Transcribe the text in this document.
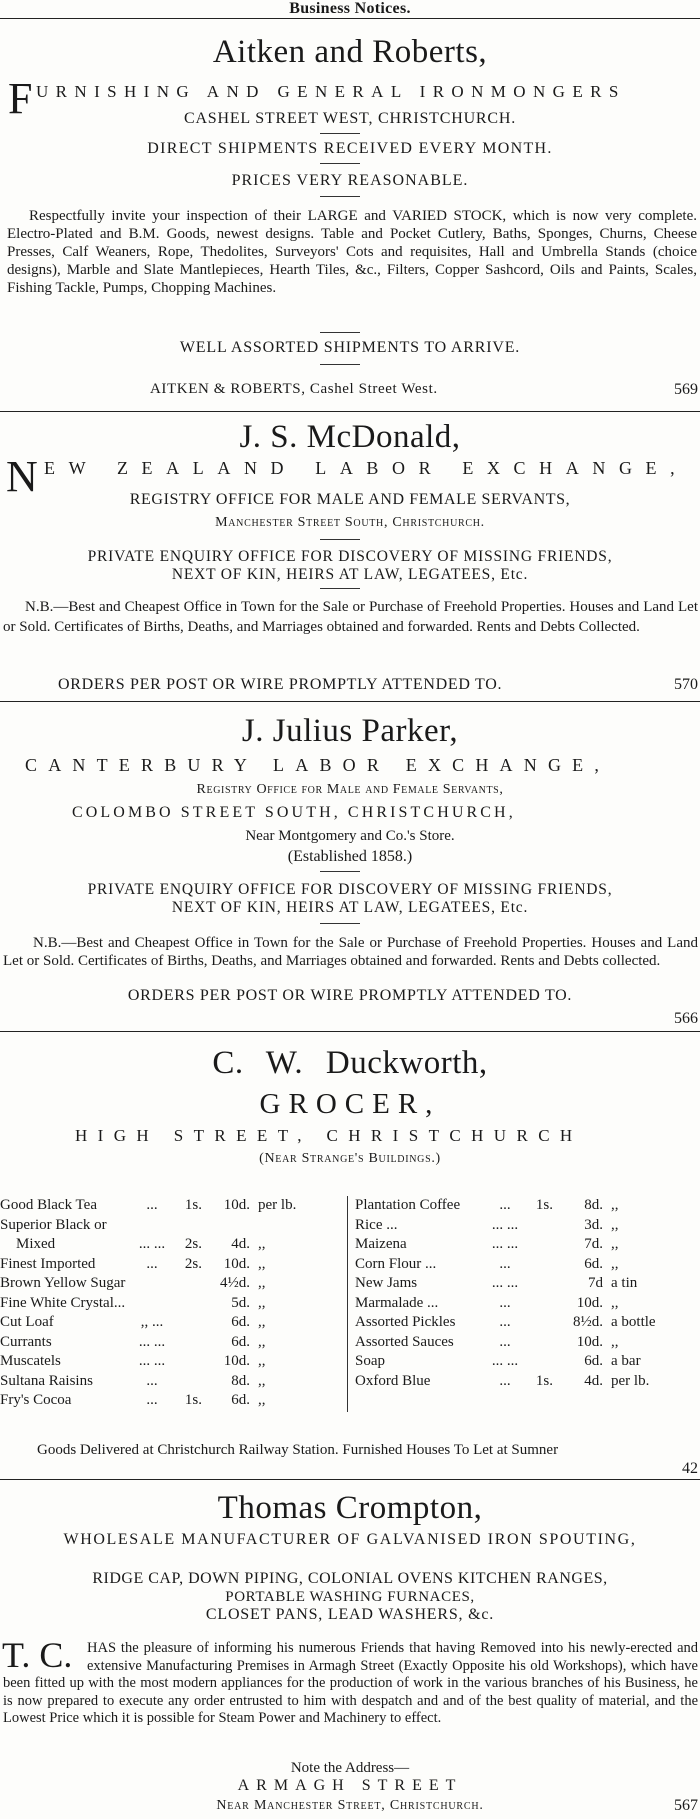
Business Notices.
Aitken and Roberts,
F URNISHING AND GENERAL IRONMONGERS
CASHEL STREET WEST, CHRISTCHURCH.
DIRECT SHIPMENTS RECEIVED EVERY MONTH.
PRICES VERY REASONABLE.
Respectfully invite your inspection of their LARGE and VARIED STOCK, which is now very complete. Electro-Plated and B.M. Goods, newest designs. Table and Pocket Cutlery, Baths, Sponges, Churns, Cheese Presses, Calf Weaners, Rope, Thedolites, Surveyors' Cots and requisites, Hall and Umbrella Stands (choice designs), Marble and Slate Mantlepieces, Hearth Tiles, &c., Filters, Copper Sashcord, Oils and Paints, Scales, Fishing Tackle, Pumps, Chopping Machines.
WELL ASSORTED SHIPMENTS TO ARRIVE.
AITKEN & ROBERTS, Cashel Street West.	569
J. S. McDonald,
N EW ZEALAND LABOR EXCHANGE,
REGISTRY OFFICE FOR MALE AND FEMALE SERVANTS,
Manchester Street South, Christchurch.
PRIVATE ENQUIRY OFFICE FOR DISCOVERY OF MISSING FRIENDS,
NEXT OF KIN, HEIRS AT LAW, LEGATEES, Etc.
N.B.—Best and Cheapest Office in Town for the Sale or Purchase of Freehold Properties. Houses and Land Let or Sold. Certificates of Births, Deaths, and Marriages obtained and forwarded. Rents and Debts Collected.
ORDERS PER POST OR WIRE PROMPTLY ATTENDED TO.	570
J. Julius Parker,
CANTERBURY LABOR EXCHANGE,
Registry Office for Male and Female Servants,
COLOMBO STREET SOUTH, CHRISTCHURCH,
Near Montgomery and Co.'s Store.
(Established 1858.)
PRIVATE ENQUIRY OFFICE FOR DISCOVERY OF MISSING FRIENDS,
NEXT OF KIN, HEIRS AT LAW, LEGATEES, Etc.
N.B.—Best and Cheapest Office in Town for the Sale or Purchase of Freehold Properties. Houses and Land Let or Sold. Certificates of Births, Deaths, and Marriages obtained and forwarded. Rents and Debts collected.
ORDERS PER POST OR WIRE PROMPTLY ATTENDED TO.
566
C. W. Duckworth,
GROCER,
HIGH STREET, CHRISTCHURCH
(Near Strange's Buildings.)
Good Black Tea	...	1s.	10d.	per lb.
Superior Black or				
Mixed	... ...	2s.	4d.	,,
Finest Imported	...	2s.	10d.	,,
Brown Yellow Sugar			4½d.	,,
Fine White Crystal...			5d.	,,
Cut Loaf	,, ...		6d.	,,
Currants	... ...		6d.	,,
Muscatels	... ...		10d.	,,
Sultana Raisins	...		8d.	,,
Fry's Cocoa	...	1s.	6d.	,,
Plantation Coffee	...	1s.	8d.	,,
Rice ...	... ...		3d.	,,
Maizena	... ...		7d.	,,
Corn Flour ...	...		6d.	,,
New Jams	... ...		7d	a tin
Marmalade ...	...		10d.	,,
Assorted Pickles	...		8½d.	a bottle
Assorted Sauces	...		10d.	,,
Soap	... ...		6d.	a bar
Oxford Blue	...	1s.	4d.	per lb.
Goods Delivered at Christchurch Railway Station. Furnished Houses To Let at Sumner
42
Thomas Crompton,
WHOLESALE MANUFACTURER OF GALVANISED IRON SPOUTING,
RIDGE CAP, DOWN PIPING, COLONIAL OVENS KITCHEN RANGES,
PORTABLE WASHING FURNACES,
CLOSET PANS, LEAD WASHERS, &c.
T. C.	HAS the pleasure of informing his numerous Friends that having Removed into his newly-erected and extensive Manufacturing Premises in Armagh Street (Exactly Opposite his old Workshops), which have been fitted up with the most modern appliances for the production of work in the various branches of his Business, he is now prepared to execute any order entrusted to him with despatch and and of the best quality of material, and the Lowest Price which it is possible for Steam Power and Machinery to effect.
Note the Address—
ARMAGH STREET
Near Manchester Street, Christchurch.	567
